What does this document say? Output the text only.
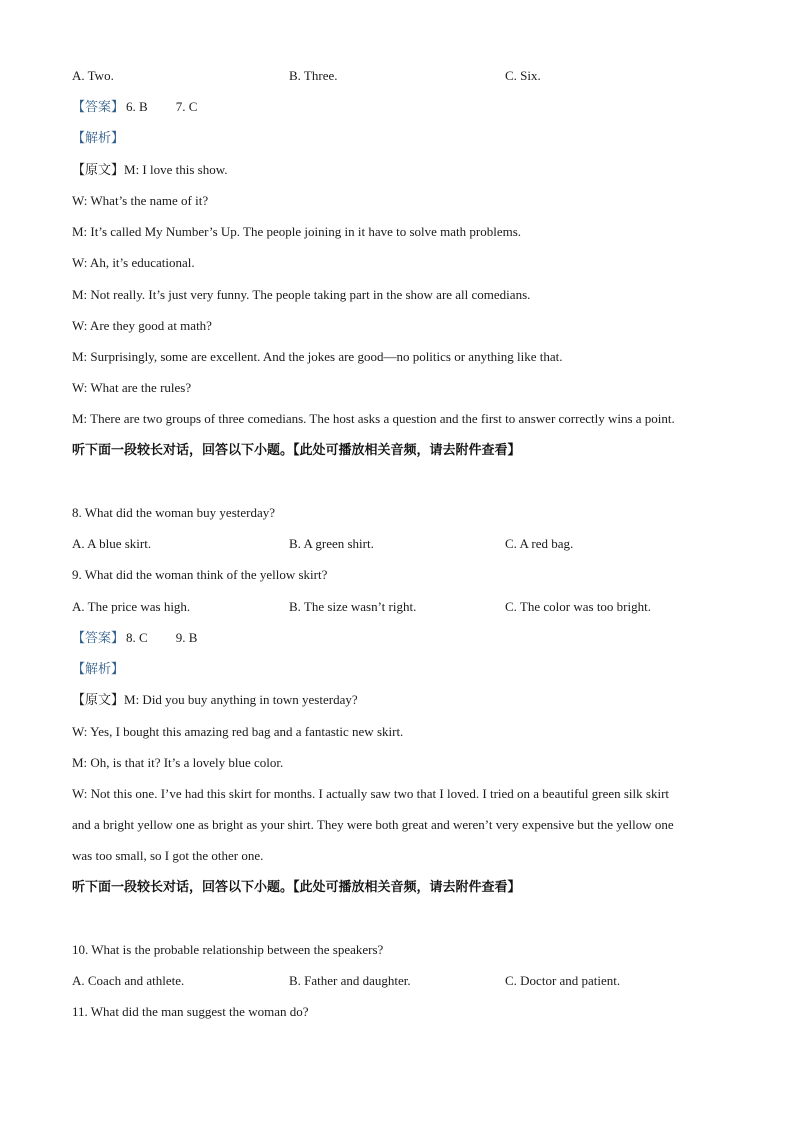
A. Two.	B. Three.	C. Six.
【答案】 6. B 7. C
【解析】
【原文】M: I love this show.
W: What’s the name of it?
M: It’s called My Number’s Up. The people joining in it have to solve math problems.
W: Ah, it’s educational.
M: Not really. It’s just very funny. The people taking part in the show are all comedians.
W: Are they good at math?
M: Surprisingly, some are excellent. And the jokes are good—no politics or anything like that.
W: What are the rules?
M: There are two groups of three comedians. The host asks a question and the first to answer correctly wins a point.
听下面一段较长对话，回答以下小题。【此处可播放相关音频，请去附件查看】
8. What did the woman buy yesterday?
A. A blue skirt.	B. A green shirt.	C. A red bag.
9. What did the woman think of the yellow skirt?
A. The price was high.	B. The size wasn’t right.	C. The color was too bright.
【答案】 8. C 9. B
【解析】
【原文】M: Did you buy anything in town yesterday?
W: Yes, I bought this amazing red bag and a fantastic new skirt.
M: Oh, is that it? It’s a lovely blue color.
W: Not this one. I’ve had this skirt for months. I actually saw two that I loved. I tried on a beautiful green silk skirt
and a bright yellow one as bright as your shirt. They were both great and weren’t very expensive but the yellow one
was too small, so I got the other one.
听下面一段较长对话，回答以下小题。【此处可播放相关音频，请去附件查看】
10. What is the probable relationship between the speakers?
A. Coach and athlete.	B. Father and daughter.	C. Doctor and patient.
11. What did the man suggest the woman do?
